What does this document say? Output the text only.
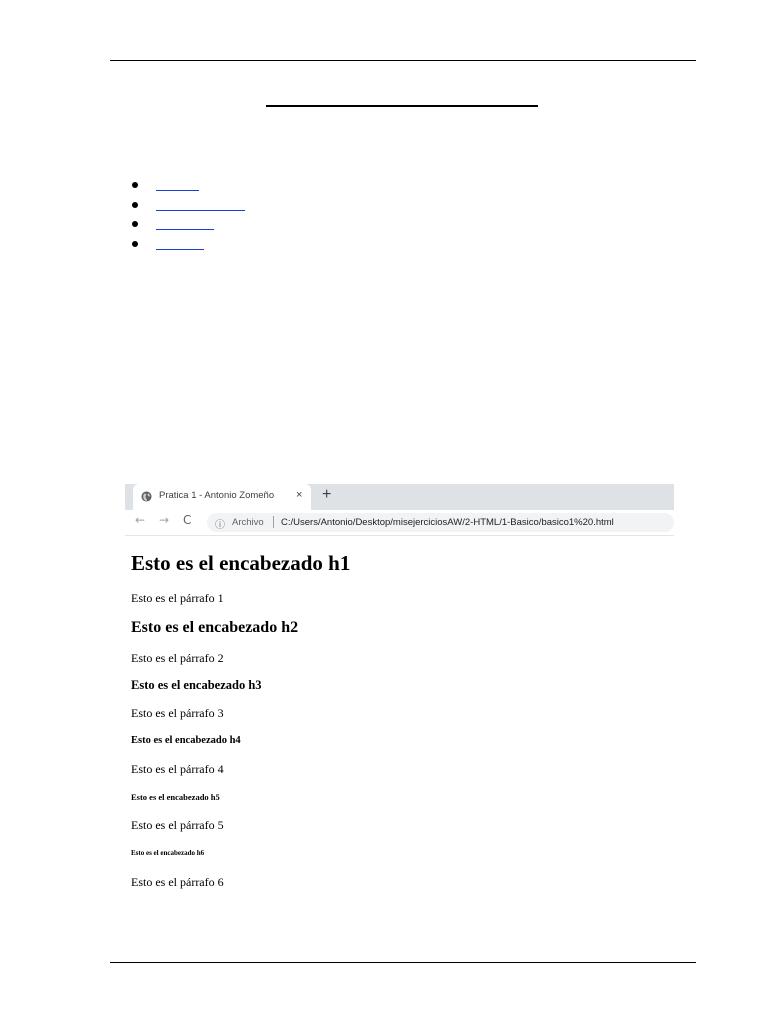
Pratica 1 - Antonio Zomeño × +
← → C ⓘ Archivo C:/Users/Antonio/Desktop/misejerciciosAW/2-HTML/1-Basico/basico1%20.html
Esto es el encabezado h1
Esto es el párrafo 1
Esto es el encabezado h2
Esto es el párrafo 2
Esto es el encabezado h3
Esto es el párrafo 3
Esto es el encabezado h4
Esto es el párrafo 4
Esto es el encabezado h5
Esto es el párrafo 5
Esto es el encabezado h6
Esto es el párrafo 6
